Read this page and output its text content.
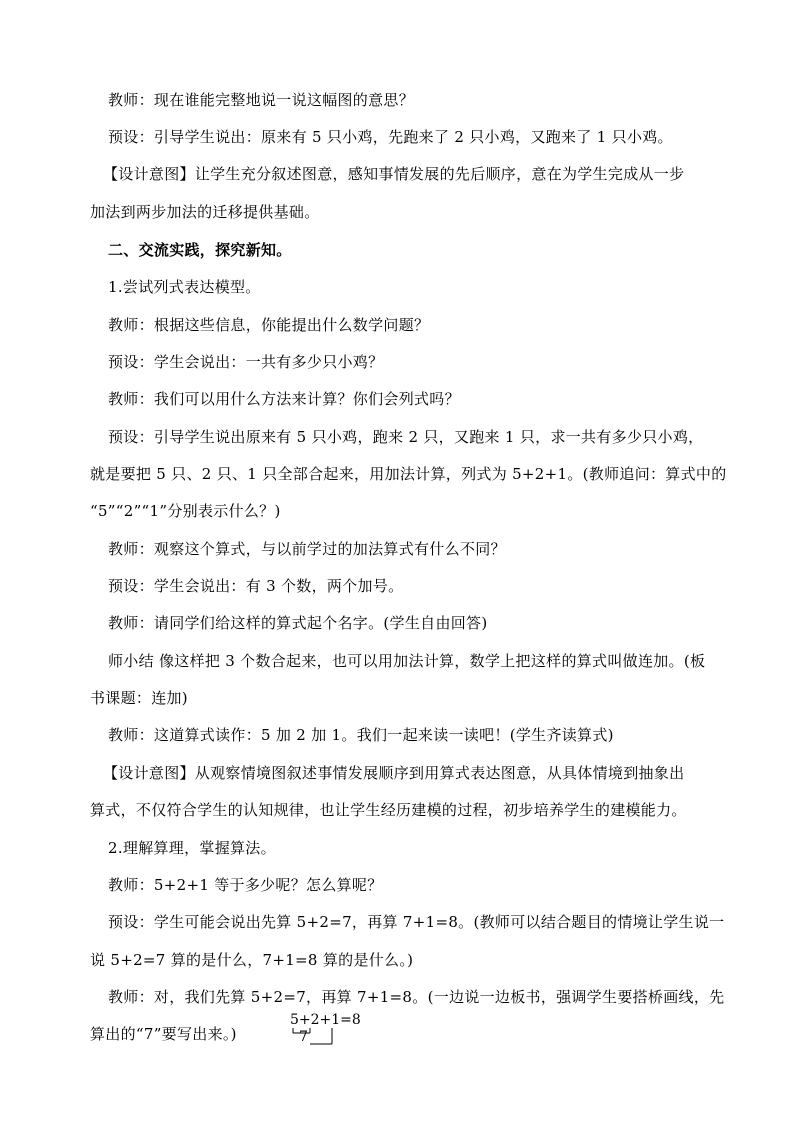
教师：现在谁能完整地说一说这幅图的意思？
预设：引导学生说出：原来有 5 只小鸡，先跑来了 2 只小鸡，又跑来了 1 只小鸡。
【设计意图】让学生充分叙述图意，感知事情发展的先后顺序，意在为学生完成从一步
加法到两步加法的迁移提供基础。
二、交流实践，探究新知。
1.尝试列式表达模型。
教师：根据这些信息，你能提出什么数学问题？
预设：学生会说出：一共有多少只小鸡？
教师：我们可以用什么方法来计算？你们会列式吗？
预设：引导学生说出原来有 5 只小鸡，跑来 2 只，又跑来 1 只，求一共有多少只小鸡，
就是要把 5 只、2 只、1 只全部合起来，用加法计算，列式为 5+2+1。(教师追问：算式中的
“5”“2”“1”分别表示什么？)
教师：观察这个算式，与以前学过的加法算式有什么不同？
预设：学生会说出：有 3 个数，两个加号。
教师：请同学们给这样的算式起个名字。(学生自由回答)
师小结 像这样把 3 个数合起来，也可以用加法计算，数学上把这样的算式叫做连加。(板
书课题：连加)
教师：这道算式读作：5 加 2 加 1。我们一起来读一读吧！(学生齐读算式)
【设计意图】从观察情境图叙述事情发展顺序到用算式表达图意，从具体情境到抽象出
算式，不仅符合学生的认知规律，也让学生经历建模的过程，初步培养学生的建模能力。
2.理解算理，掌握算法。
教师：5+2+1 等于多少呢？怎么算呢？
预设：学生可能会说出先算 5+2=7，再算 7+1=8。(教师可以结合题目的情境让学生说一
说 5+2=7 算的是什么，7+1=8 算的是什么。)
教师：对，我们先算 5+2=7，再算 7+1=8。(一边说一边板书，强调学生要搭桥画线，先
算出的“7”要写出来。)
5+2+1=8
7
